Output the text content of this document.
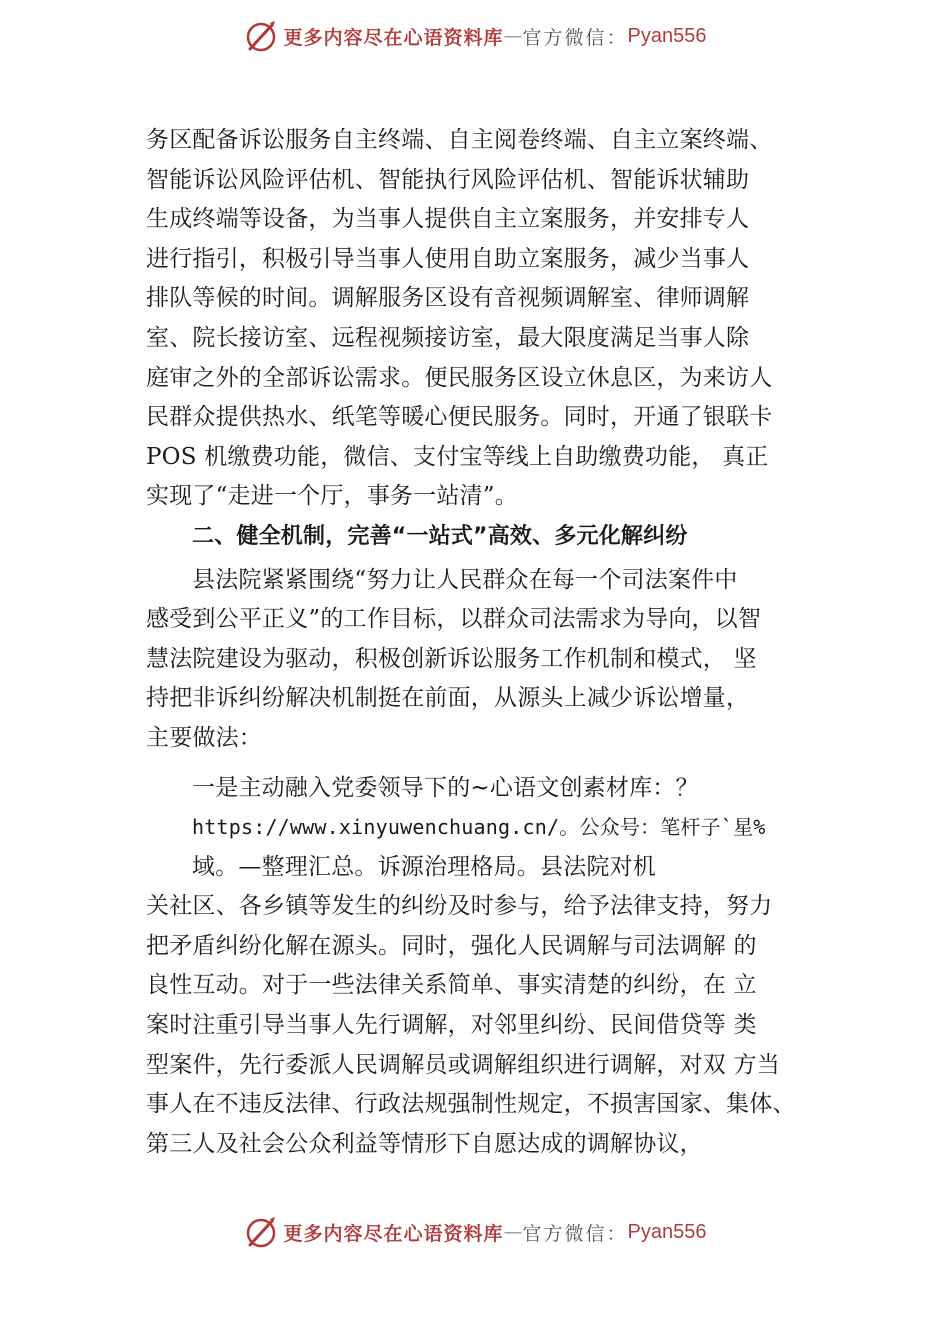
更多内容尽在心语资料库 — 官方微信： Pyan556
务区配备诉讼服务自主终端、自主阅卷终端、自主立案终端、
智能诉讼风险评估机、智能执行风险评估机、智能诉状辅助
生成终端等设备，为当事人提供自主立案服务，并安排专人
进行指引，积极引导当事人使用自助立案服务，减少当事人
排队等候的时间。调解服务区设有音视频调解室、律师调解
室、院长接访室、远程视频接访室，最大限度满足当事人除
庭审之外的全部诉讼需求。便民服务区设立休息区，为来访人
民群众提供热水、纸笔等暖心便民服务。同时，开通了银联卡
POS 机缴费功能，微信、支付宝等线上自助缴费功能， 真正
实现了“走进一个厅，事务一站清”。
二、健全机制，完善“一站式”高效、多元化解纠纷
县法院紧紧围绕“努力让人民群众在每一个司法案件中
感受到公平正义”的工作目标，以群众司法需求为导向，以智
慧法院建设为驱动，积极创新诉讼服务工作机制和模式， 坚
持把非诉纠纷解决机制挺在前面，从源头上减少诉讼增量，
主要做法：
一是主动融入党委领导下的~心语文创素材库：？
https://www.xinyuwenchuang.cn/。公众号：笔杆子`星%
域。—整理汇总。诉源治理格局。县法院对机
关社区、各乡镇等发生的纠纷及时参与，给予法律支持，努力
把矛盾纠纷化解在源头。同时，强化人民调解与司法调解 的
良性互动。对于一些法律关系简单、事实清楚的纠纷，在 立
案时注重引导当事人先行调解，对邻里纠纷、民间借贷等 类
型案件，先行委派人民调解员或调解组织进行调解，对双 方当
事人在不违反法律、行政法规强制性规定，不损害国家、集体、
第三人及社会公众利益等情形下自愿达成的调解协议，
更多内容尽在心语资料库 — 官方微信： Pyan556
